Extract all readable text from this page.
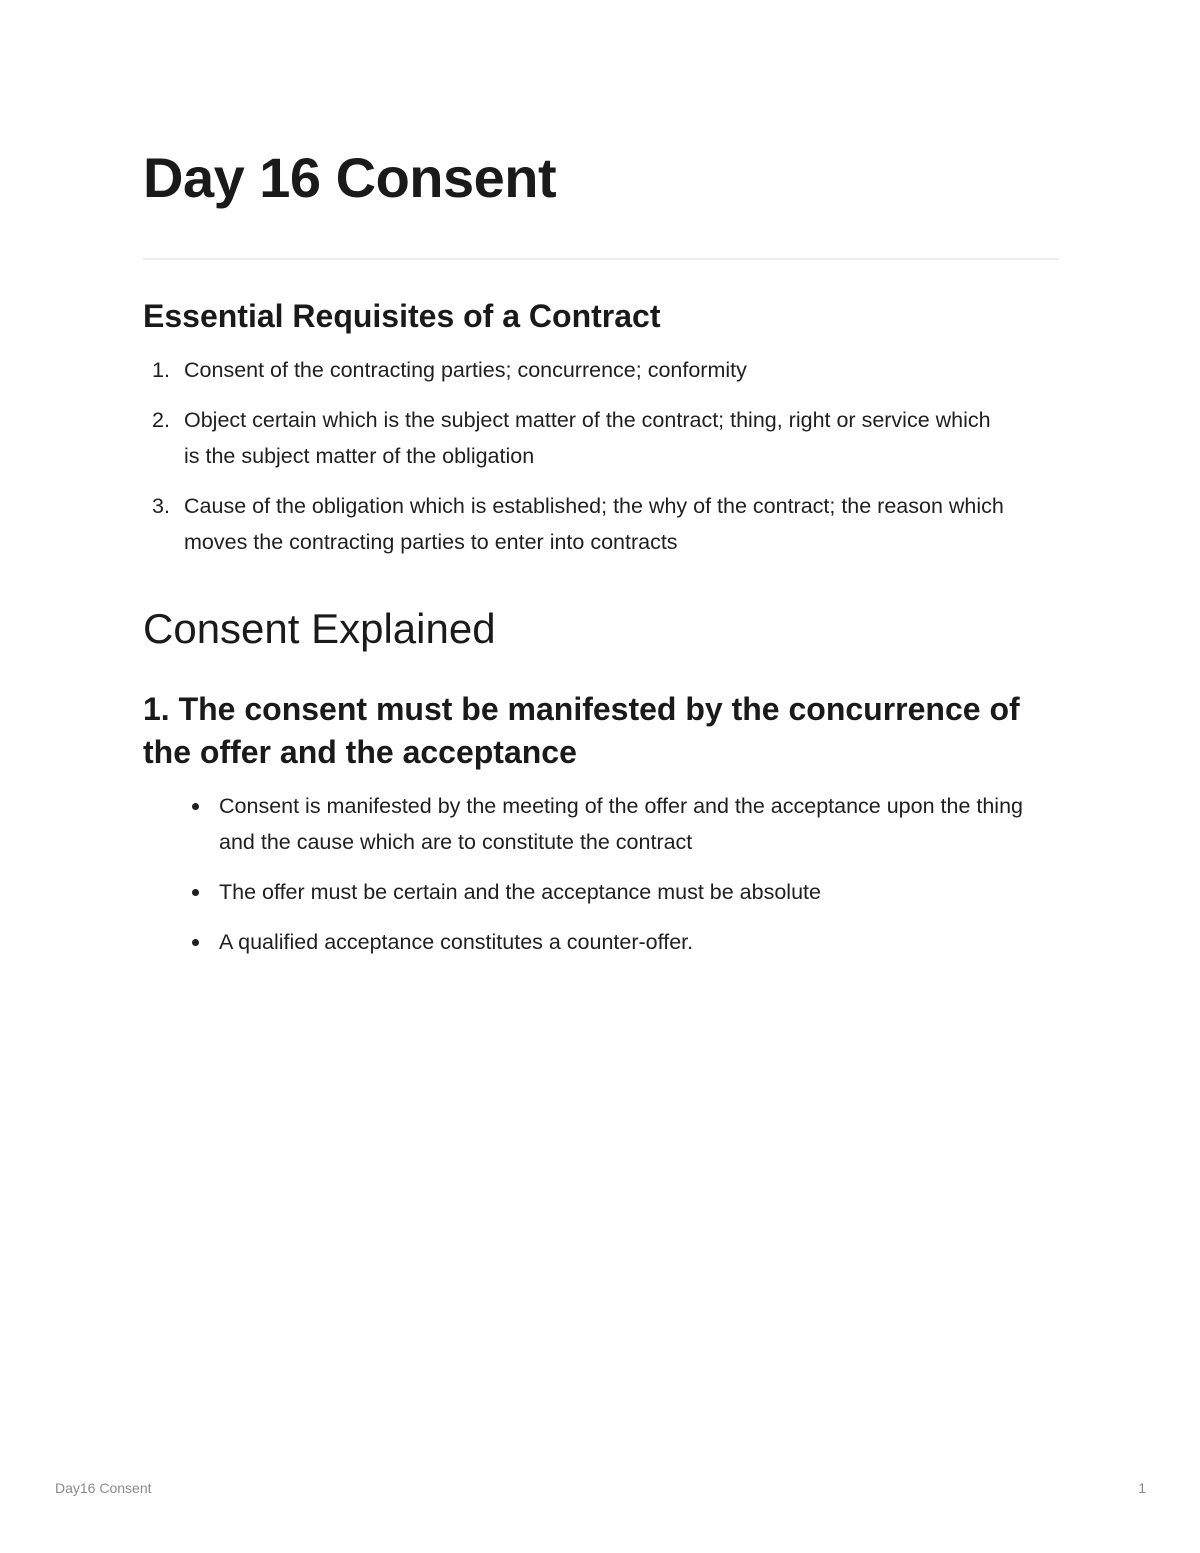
Day 16 Consent
Essential Requisites of a Contract
1. Consent of the contracting parties; concurrence; conformity
2. Object certain which is the subject matter of the contract; thing, right or service which is the subject matter of the obligation
3. Cause of the obligation which is established; the why of the contract; the reason which moves the contracting parties to enter into contracts
Consent Explained
1. The consent must be manifested by the concurrence of the offer and the acceptance
Consent is manifested by the meeting of the offer and the acceptance upon the thing and the cause which are to constitute the contract
The offer must be certain and the acceptance must be absolute
A qualified acceptance constitutes a counter-offer.
Day16 Consent	1
